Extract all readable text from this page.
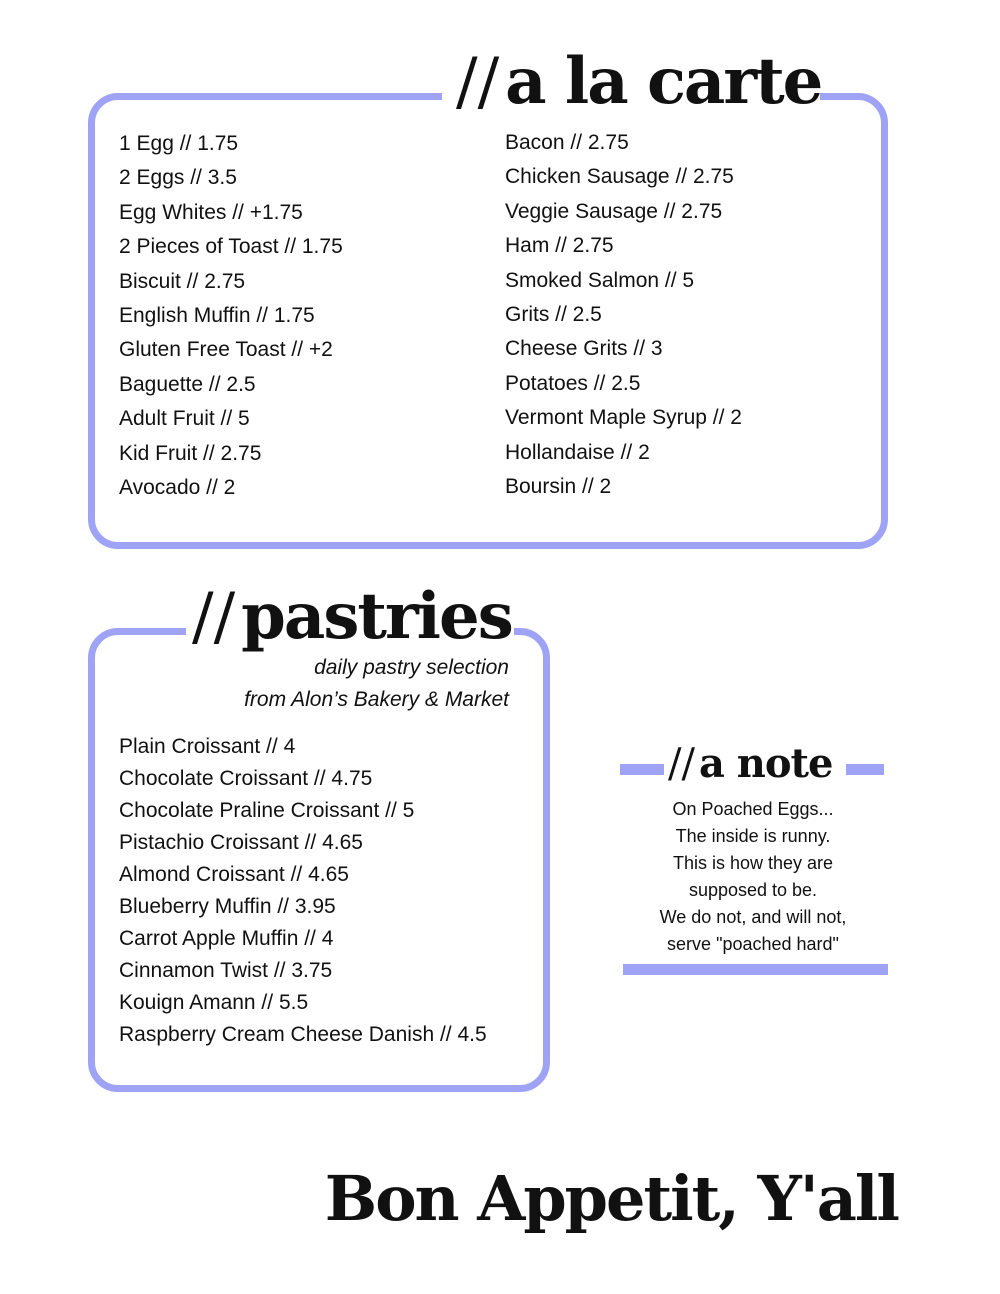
//a la carte
1 Egg // 1.75
2 Eggs // 3.5
Egg Whites // +1.75
2 Pieces of Toast // 1.75
Biscuit // 2.75
English Muffin // 1.75
Gluten Free Toast // +2
Baguette // 2.5
Adult Fruit // 5
Kid Fruit // 2.75
Avocado // 2
Bacon // 2.75
Chicken Sausage // 2.75
Veggie Sausage // 2.75
Ham // 2.75
Smoked Salmon // 5
Grits // 2.5
Cheese Grits // 3
Potatoes // 2.5
Vermont Maple Syrup // 2
Hollandaise // 2
Boursin // 2
//pastries
daily pastry selection
from Alon’s Bakery & Market
Plain Croissant // 4
Chocolate Croissant // 4.75
Chocolate Praline Croissant // 5
Pistachio Croissant // 4.65
Almond Croissant // 4.65
Blueberry Muffin // 3.95
Carrot Apple Muffin // 4
Cinnamon Twist // 3.75
Kouign Amann // 5.5
Raspberry Cream Cheese Danish // 4.5
// a note
On Poached Eggs...
The inside is runny.
This is how they are
supposed to be.
We do not, and will not,
serve "poached hard"
Bon Appetit, Y'all
